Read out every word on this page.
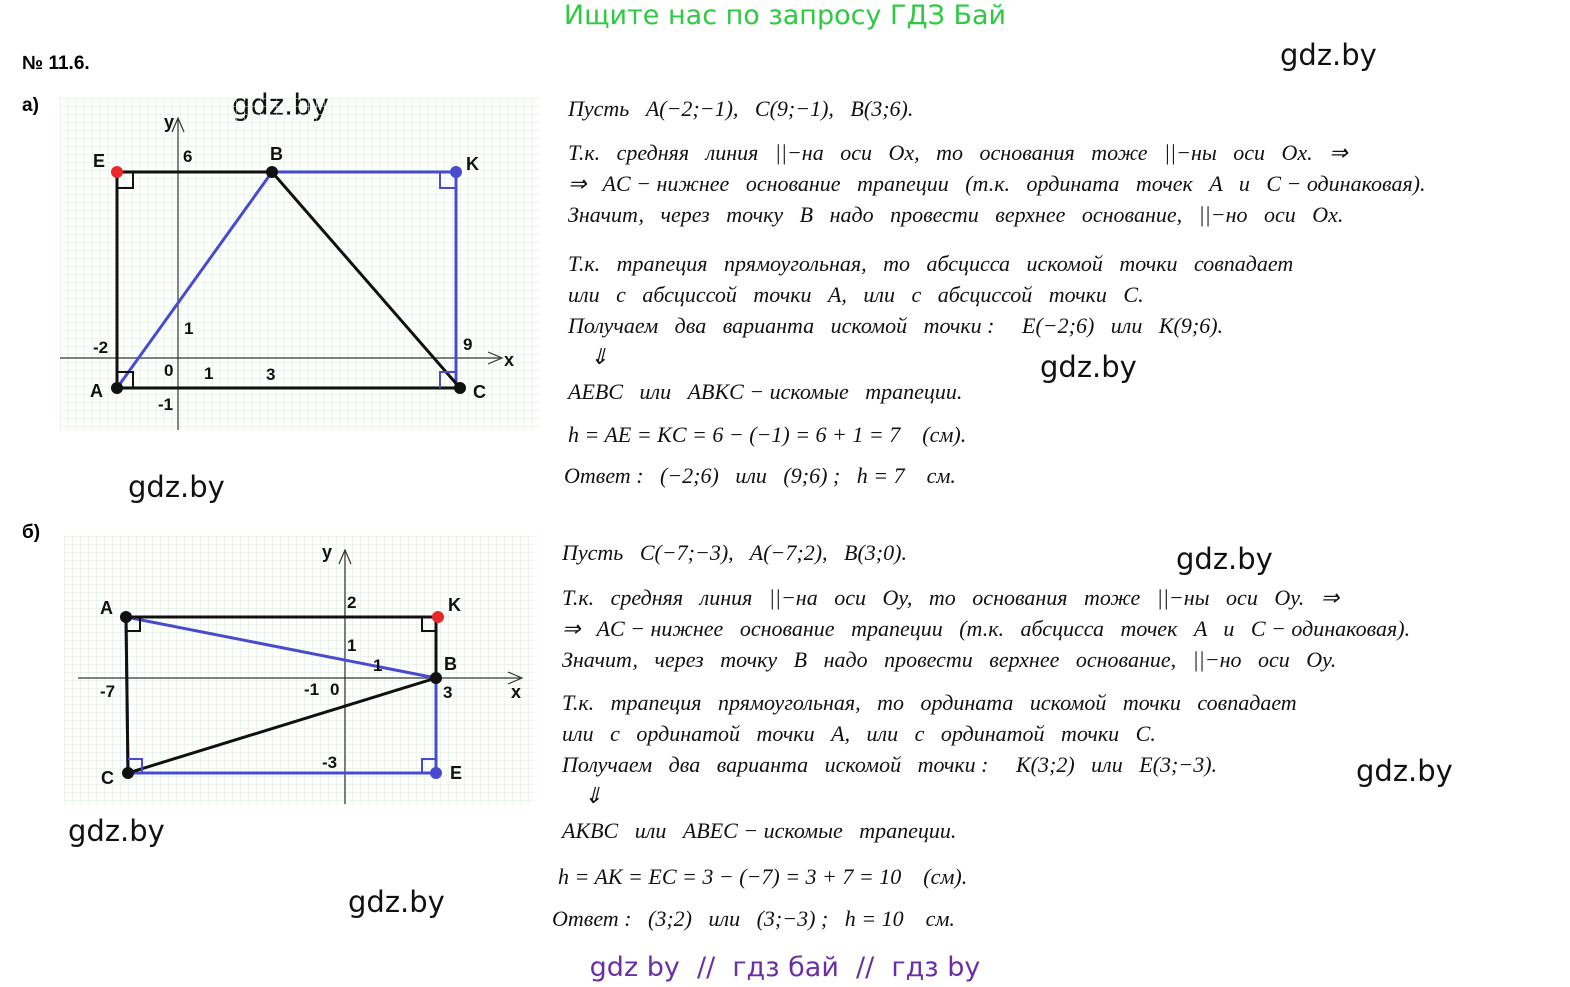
Ищите нас по запросу ГДЗ Бай
№ 11.6.	gdz.by
gdz.by
gdz.by
gdz.by
gdz.by
gdz.by
gdz.by
а)
A
B
C
E	K
x
y
6
1
-2
0 1	3
9
-1
Пусть   A(−2;−1),   C(9;−1),   B(3;6).
Т.к.   средняя   линия   ||−на   оси   Ox,   то   основания   тоже   ||−ны   оси   Ox.   ⇒
⇒   AC − нижнее   основание   трапеции   (т.к.   ордината   точек   A   и   C − одинаковая).
Значит,   через   точку   B   надо   провести   верхнее   основание,   ||−но   оси   Ox.
Т.к.   трапеция   прямоугольная,   то   абсцисса   искомой   точки   совпадает
или   с   абсциссой   точки   A,   или   с   абсциссой   точки   C.
Получаем   два   варианта   искомой   точки :     E(−2;6)   или   K(9;6).
⇓
AEBC   или   ABKC − искомые   трапеции.
h = AE = KC = 6 − (−1) = 6 + 1 = 7    (см).
Ответ :   (−2;6)   или   (9;6) ;   h = 7    см.
б)
A
B
C	E
K
x
y
2
1
-7	-1 0
1
3
-3
Пусть   C(−7;−3),   A(−7;2),   B(3;0).
Т.к.   средняя   линия   ||−на   оси   Oy,   то   основания   тоже   ||−ны   оси   Oy.   ⇒
⇒   AC − нижнее   основание   трапеции   (т.к.   абсцисса   точек   A   и   C − одинаковая).
Значит,   через   точку   B   надо   провести   верхнее   основание,   ||−но   оси   Oy.
Т.к.   трапеция   прямоугольная,   то   ордината   искомой   точки   совпадает
или   с   ординатой   точки   A,   или   с   ординатой   точки   C.
Получаем   два   варианта   искомой   точки :     K(3;2)   или   E(3;−3).
⇓
AKBC   или   ABEC − искомые   трапеции.
h = AK = EC = 3 − (−7) = 3 + 7 = 10    (см).
Ответ :   (3;2)   или   (3;−3) ;   h = 10    см.
gdz by  //  гдз бай  //  гдз by
